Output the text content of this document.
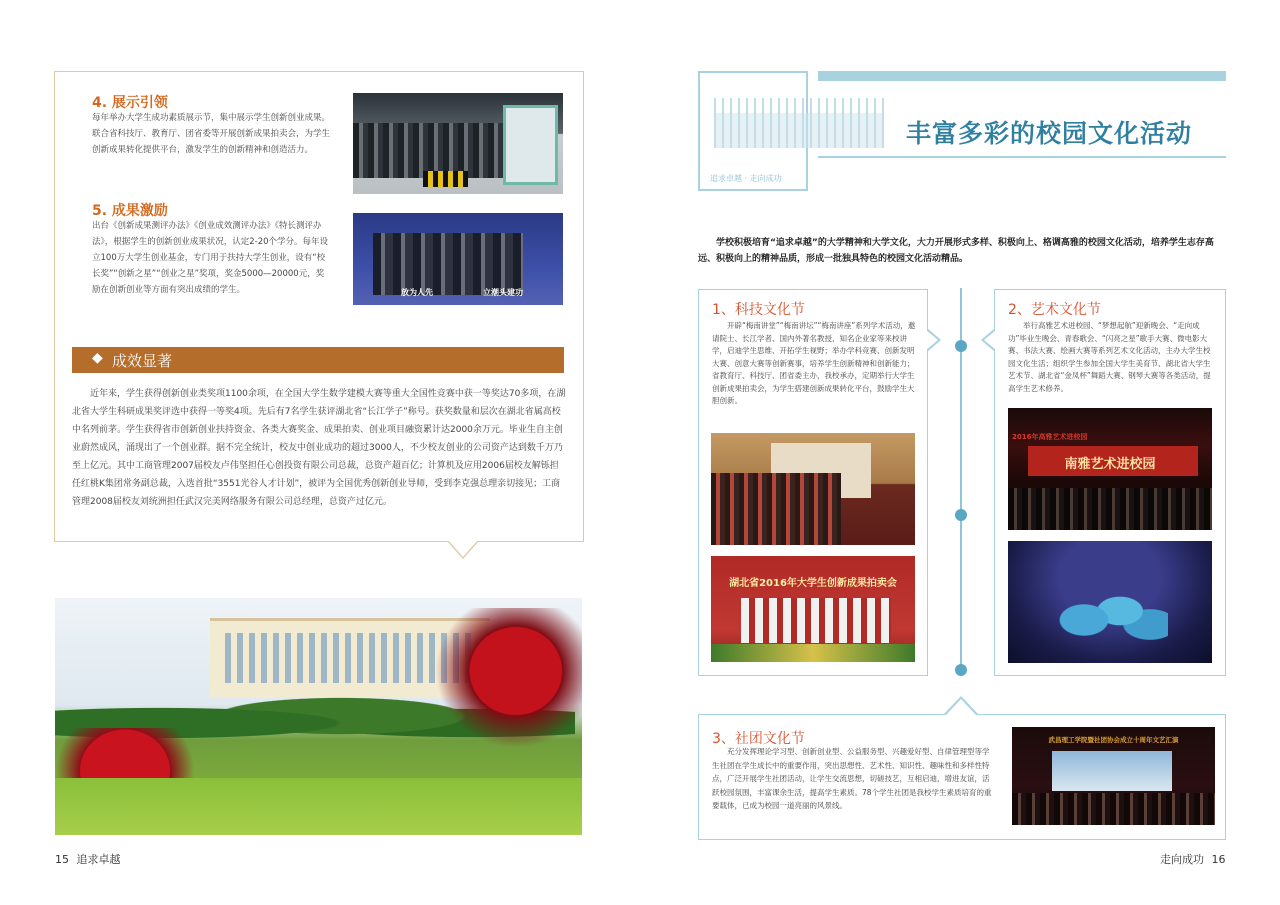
4. 展示引领
每年举办大学生成功素质展示节，集中展示学生创新创业成果。联合省科技厅、教育厅、团省委等开展创新成果拍卖会，为学生创新成果转化提供平台，激发学生的创新精神和创造活力。
5. 成果激励
出台《创新成果测评办法》《创业成效测评办法》《特长测评办法》，根据学生的创新创业成果状况，认定2-20个学分。每年设立100万大学生创业基金，专门用于扶持大学生创业，设有“校长奖”“创新之星”“创业之星”奖项，奖金5000—20000元，奖励在创新创业等方面有突出成绩的学生。	放为人先	立潮头建功
◆ 成效显著
近年来，学生获得创新创业类奖项1100余项，在全国大学生数学建模大赛等重大全国性竞赛中获一等奖达70多项，在湖北省大学生科研成果奖评选中获得一等奖4项。先后有7名学生获评湖北省“长江学子”称号。获奖数量和层次在湖北省属高校中名列前茅。学生获得省市创新创业扶持资金、各类大赛奖金、成果拍卖、创业项目融资累计达2000余万元。毕业生自主创业蔚然成风，涌现出了一个创业群。据不完全统计，校友中创业成功的超过3000人，不少校友创业的公司资产达到数千万乃至上亿元。其中工商管理2007届校友卢伟坚担任心创投资有限公司总裁，总资产超百亿；计算机及应用2006届校友解铄担任红桃K集团常务副总裁，入选首批“3551光谷人才计划”，被评为全国优秀创新创业导师，受到李克强总理亲切接见；工商管理2008届校友刘统洲担任武汉完美网络服务有限公司总经理，总资产过亿元。
15 追求卓越
追求卓越 · 走向成功
丰富多彩的校园文化活动
学校积极培育“追求卓越”的大学精神和大学文化，大力开展形式多样、积极向上、格调高雅的校园文化活动，培养学生志存高远、积极向上的精神品质，形成一批独具特色的校园文化活动精品。
1、科技文化节
开辟“梅南讲堂”“梅南讲坛”“梅南讲座”系列学术活动，邀请院士、长江学者、国内外著名教授、知名企业家等来校讲学，启迪学生思维、开拓学生视野；举办学科竞赛、创新发明大赛、创意大赛等创新赛事，培养学生创新精神和创新能力；省教育厅、科技厅、团省委主办，我校承办，定期举行大学生创新成果拍卖会，为学生搭建创新成果转化平台，鼓励学生大胆创新。
湖北省2016年大学生创新成果拍卖会
2、艺术文化节
举行高雅艺术进校园、“梦想起航”迎新晚会、“走向成功”毕业生晚会、青春歌会、“闪亮之星”歌手大赛、微电影大赛、书法大赛、绘画大赛等系列艺术文化活动，主办大学生校园文化生活；组织学生参加全国大学生美育节、湖北省大学生艺术节、湖北省“金凤杯”舞蹈大赛、钢琴大赛等各类活动，提高学生艺术修养。
2016年高雅艺术进校园
南雅艺术进校园
3、社团文化节
充分发挥理论学习型、创新创业型、公益服务型、兴趣爱好型、自律管理型等学生社团在学生成长中的重要作用，突出思想性、艺术性、知识性、趣味性和多样性特点，广泛开展学生社团活动，让学生交流思想，切磋技艺，互相启迪，增进友谊，活跃校园氛围，丰富课余生活，提高学生素质。78个学生社团是我校学生素质培育的重要载体，已成为校园一道亮丽的风景线。
武昌理工学院暨社团协会成立十周年文艺汇演
走向成功 16
